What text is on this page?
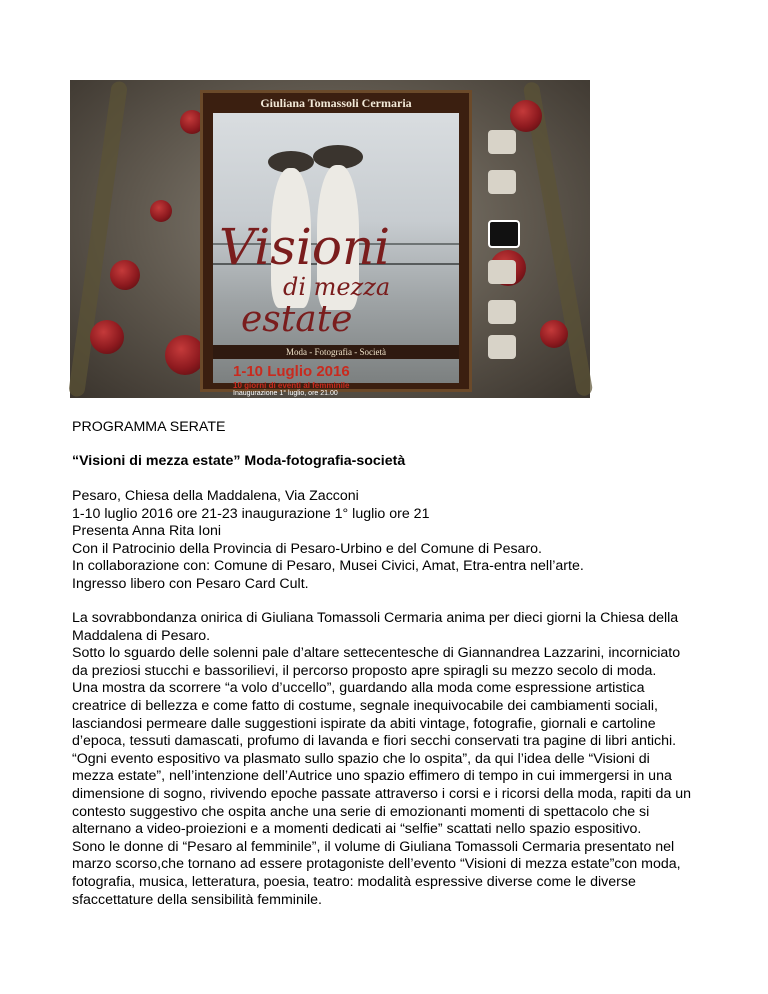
Giuliana Tomassoli Cermaria
Visioni
di mezza
estate
Moda - Fotografia - Società
1-10 Luglio 2016
10 giorni di eventi al femminile
Inaugurazione 1° luglio, ore 21.00
PROGRAMMA SERATE
“Visioni di mezza estate” Moda-fotografia-società

Pesaro, Chiesa della Maddalena, Via Zacconi

1-10 luglio 2016 ore 21-23 inaugurazione 1° luglio ore 21

Presenta Anna Rita Ioni

Con il Patrocinio della Provincia di Pesaro-Urbino e del Comune di Pesaro.

In collaborazione con: Comune di Pesaro, Musei Civici, Amat, Etra-entra nell’arte.

Ingresso libero con Pesaro Card Cult.

La sovrabbondanza onirica di Giuliana Tomassoli Cermaria anima per dieci giorni la Chiesa della

Maddalena di Pesaro.

Sotto lo sguardo delle solenni pale d’altare settecentesche di Giannandrea Lazzarini, incorniciato

da preziosi stucchi e bassorilievi, il percorso proposto apre spiragli su mezzo secolo di moda.

Una mostra da scorrere “a volo d’uccello”, guardando alla moda come espressione artistica

creatrice di bellezza e come fatto di costume, segnale inequivocabile dei cambiamenti sociali,

lasciandosi permeare dalle suggestioni ispirate da abiti vintage, fotografie, giornali e cartoline

d’epoca, tessuti damascati, profumo di lavanda e fiori secchi conservati tra pagine di libri antichi.

“Ogni evento espositivo va plasmato sullo spazio che lo ospita”, da qui l’idea delle “Visioni di

mezza estate”, nell’intenzione dell’Autrice uno spazio effimero di tempo in cui immergersi in una

dimensione di sogno, rivivendo epoche passate attraverso i corsi e i ricorsi della moda, rapiti da un

contesto suggestivo che ospita anche una serie di emozionanti momenti di spettacolo che si

alternano a video-proiezioni e a momenti dedicati ai “selfie” scattati nello spazio espositivo.

Sono le donne di “Pesaro al femminile”, il volume di Giuliana Tomassoli Cermaria presentato nel

marzo scorso,che tornano ad essere protagoniste dell’evento “Visioni di mezza estate”con moda,

fotografia, musica, letteratura, poesia, teatro: modalità espressive diverse come le diverse

sfaccettature della sensibilità femminile.
